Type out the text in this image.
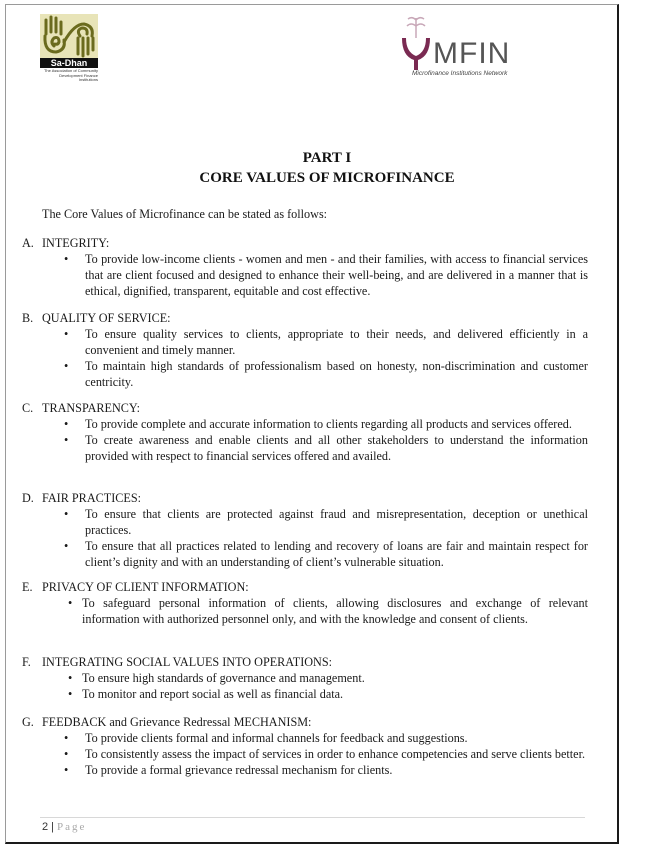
Sa-Dhan
The Association of Community Development Finance Institutions
MFIN
Microfinance Institutions Network
PART I
CORE VALUES OF MICROFINANCE
The Core Values of Microfinance can be stated as follows:
A. INTEGRITY:
• To provide low-income clients - women and men - and their families, with access to financial services that are client focused and designed to enhance their well-being, and are delivered in a manner that is ethical, dignified, transparent, equitable and cost effective.
B. QUALITY OF SERVICE:
• To ensure quality services to clients, appropriate to their needs, and delivered efficiently in a convenient and timely manner.
• To maintain high standards of professionalism based on honesty, non-discrimination and customer centricity.
C. TRANSPARENCY:
• To provide complete and accurate information to clients regarding all products and services offered.
• To create awareness and enable clients and all other stakeholders to understand the information provided with respect to financial services offered and availed.
D. FAIR PRACTICES:
• To ensure that clients are protected against fraud and misrepresentation, deception or unethical practices.
• To ensure that all practices related to lending and recovery of loans are fair and maintain respect for client’s dignity and with an understanding of client’s vulnerable situation.
E. PRIVACY OF CLIENT INFORMATION:
• To safeguard personal information of clients, allowing disclosures and exchange of relevant information with authorized personnel only, and with the knowledge and consent of clients.
F. INTEGRATING SOCIAL VALUES INTO OPERATIONS:
• To ensure high standards of governance and management.
• To monitor and report social as well as financial data.
G. FEEDBACK and Grievance Redressal MECHANISM:
• To provide clients formal and informal channels for feedback and suggestions.
• To consistently assess the impact of services in order to enhance competencies and serve clients better.
• To provide a formal grievance redressal mechanism for clients.
2 | Page
